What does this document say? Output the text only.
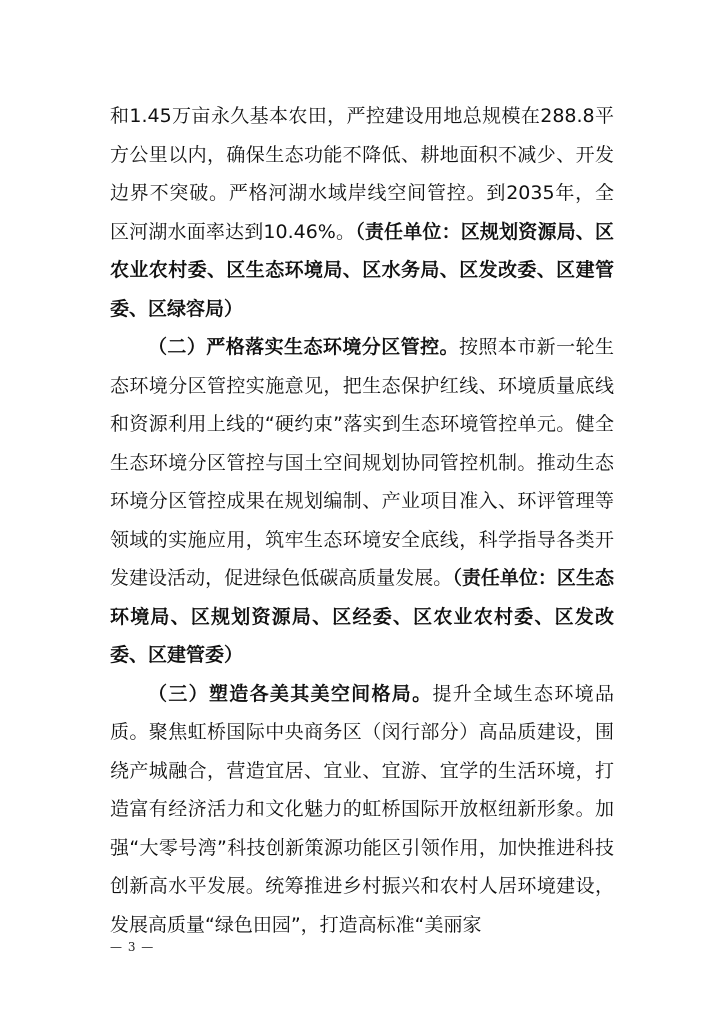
和1.45万亩永久基本农田，严控建设用地总规模在288.8平方公里以内，确保生态功能不降低、耕地面积不减少、开发边界不突破。严格河湖水域岸线空间管控。到2035年，全区河湖水面率达到10.46%。（责任单位：区规划资源局、区农业农村委、区生态环境局、区水务局、区发改委、区建管委、区绿容局）

（二）严格落实生态环境分区管控。按照本市新一轮生态环境分区管控实施意见，把生态保护红线、环境质量底线和资源利用上线的“硬约束”落实到生态环境管控单元。健全生态环境分区管控与国土空间规划协同管控机制。推动生态环境分区管控成果在规划编制、产业项目准入、环评管理等领域的实施应用，筑牢生态环境安全底线，科学指导各类开发建设活动，促进绿色低碳高质量发展。（责任单位：区生态环境局、区规划资源局、区经委、区农业农村委、区发改委、区建管委）

（三）塑造各美其美空间格局。提升全域生态环境品质。聚焦虹桥国际中央商务区（闵行部分）高品质建设，围绕产城融合，营造宜居、宜业、宜游、宜学的生活环境，打造富有经济活力和文化魅力的虹桥国际开放枢纽新形象。加强“大零号湾”科技创新策源功能区引领作用，加快推进科技创新高水平发展。统筹推进乡村振兴和农村人居环境建设，发展高质量“绿色田园”，打造高标准“美丽家

— 3 —
